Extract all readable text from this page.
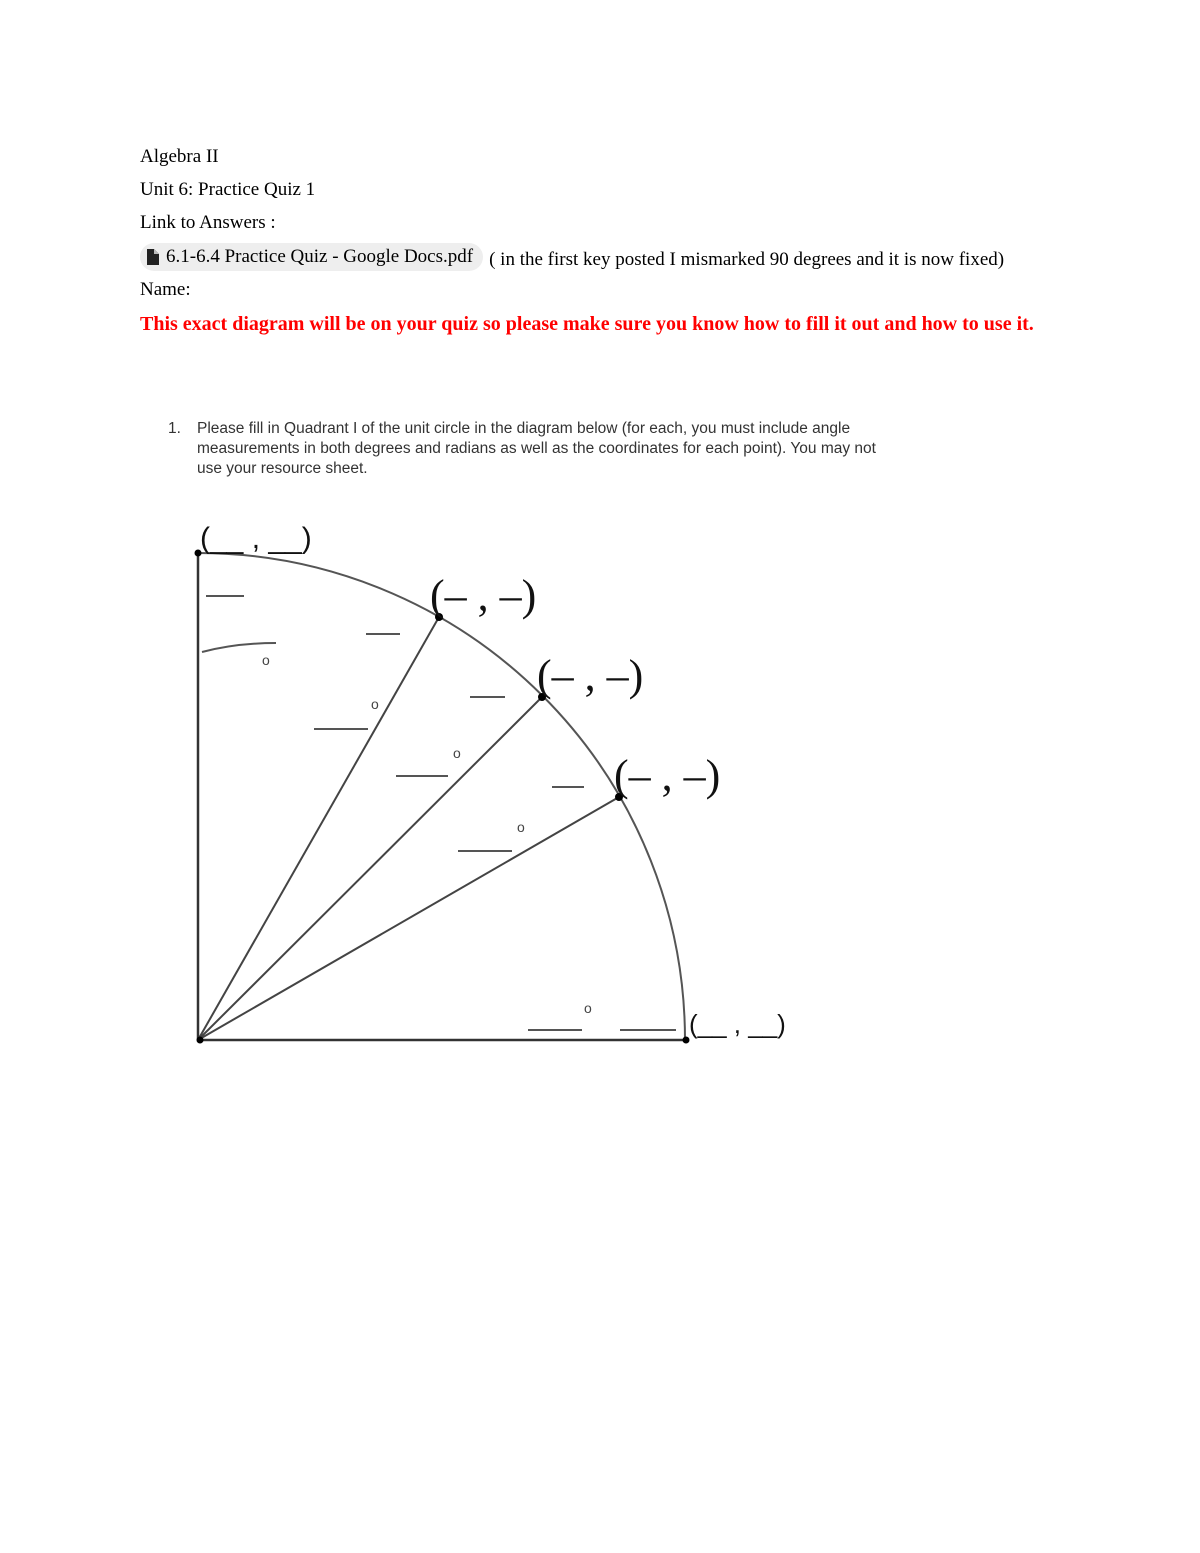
Algebra II
Unit 6: Practice Quiz 1
Link to Answers :
6.1-6.4 Practice Quiz - Google Docs.pdf ( in the first key posted I mismarked 90 degrees and it is now fixed)
Name:
This exact diagram will be on your quiz so please make sure you know how to fill it out and how to use it.
1. Please fill in Quadrant I of the unit circle in the diagram below (for each, you must include angle measurements in both degrees and radians as well as the coordinates for each point). You may not use your resource sheet.
(__ , __)
(– , –)
(– , –)
(– , –)
(__ , __)
o
o
o
o
o
